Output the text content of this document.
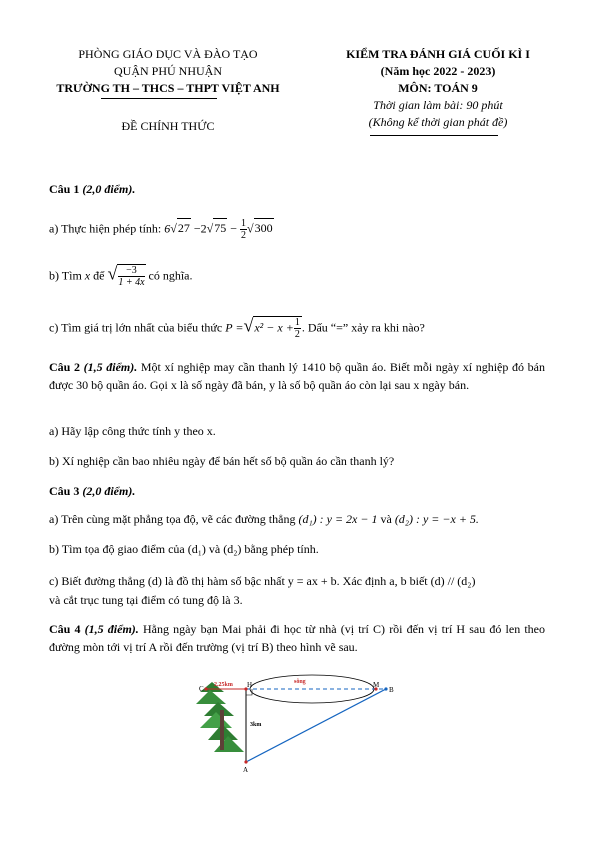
PHÒNG GIÁO DỤC VÀ ĐÀO TẠO
QUẬN PHÚ NHUẬN
TRƯỜNG TH – THCS – THPT VIỆT ANH
ĐỀ CHÍNH THỨC
KIỂM TRA ĐÁNH GIÁ CUỐI KÌ I
(Năm học 2022 - 2023)
MÔN: TOÁN 9
Thời gian làm bài: 90 phút
(Không kể thời gian phát đề)
Câu 1 (2,0 điểm).
a) Thực hiện phép tính: $6√27 -2√75 - \frac{1}{2} √300$
b) Tìm x để √ $\frac{-3}{1 + 4x}$ có nghĩa.
c) Tìm giá trị lớn nhất của biểu thức $P =√x^2 - x + \frac{1}{2}$ . Dấu “=” xảy ra khi nào?
Câu 2 (1,5 điểm). Một xí nghiệp may cần thanh lý 1410 bộ quần áo. Biết mỗi ngày xí nghiệp đó bán được 30 bộ quần áo. Gọi x là số ngày đã bán, y là số bộ quần áo còn lại sau x ngày bán.
a) Hãy lập công thức tính y theo x.
b) Xí nghiệp cần bao nhiêu ngày để bán hết số bộ quần áo cần thanh lý?
Câu 3 (2,0 điểm).
a) Trên cùng mặt phẳng tọa độ, vẽ các đường thẳng (d₁) : y = 2x − 1 và (d₂) : y = −x + 5.
b) Tìm tọa độ giao điểm của (d₁) và (d₂) bằng phép tính.
c) Biết đường thẳng (d) là đồ thị hàm số bậc nhất y = ax + b. Xác định a, b biết (d) // (d₂)
và cắt trục tung tại điểm có tung độ là 3.
Câu 4 (1,5 điểm). Hằng ngày bạn Mai phải đi học từ nhà (vị trí C) rồi đến vị trí H sau đó len theo đường mòn tới vị trí A rồi đến trường (vị trí B) theo hình vẽ sau.
C	H	M
B
A
2,25km
3km
sông
